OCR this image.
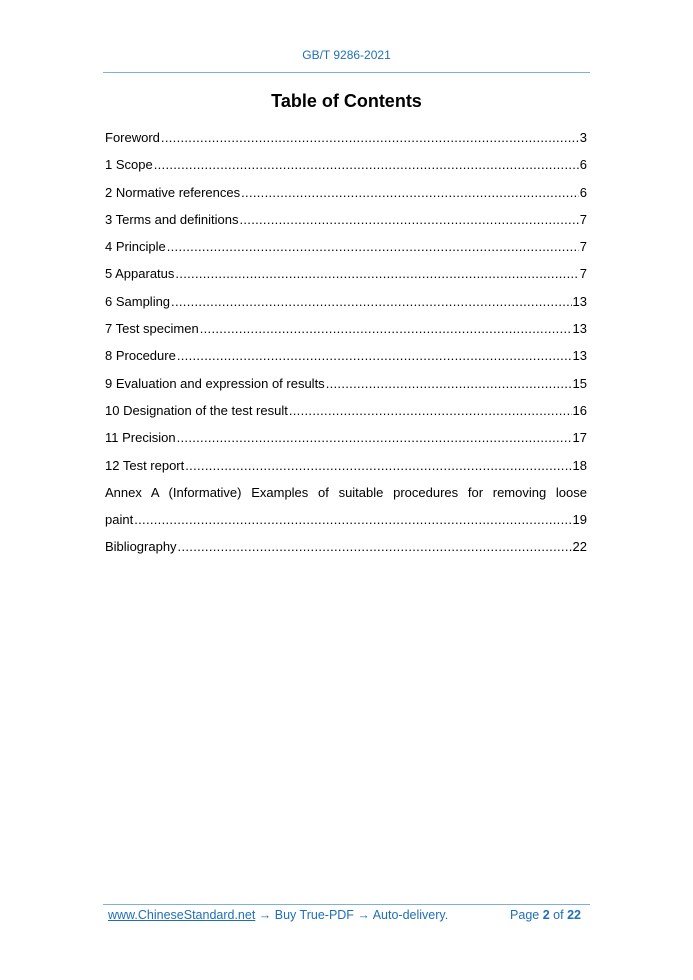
GB/T 9286-2021
Table of Contents
Foreword .....	3
1 Scope .....	6
2 Normative references .....	6
3 Terms and definitions .....	7
4 Principle .....	7
5 Apparatus .....	7
6 Sampling .....	13
7 Test specimen .....	13
8 Procedure .....	13
9 Evaluation and expression of results .....	15
10 Designation of the test result .....	16
11 Precision .....	17
12 Test report .....	18
Annex A (Informative) Examples of suitable procedures for removing loose
paint .....	19
Bibliography .....	22
www.ChineseStandard.net → Buy True-PDF → Auto-delivery.	Page 2 of 22
